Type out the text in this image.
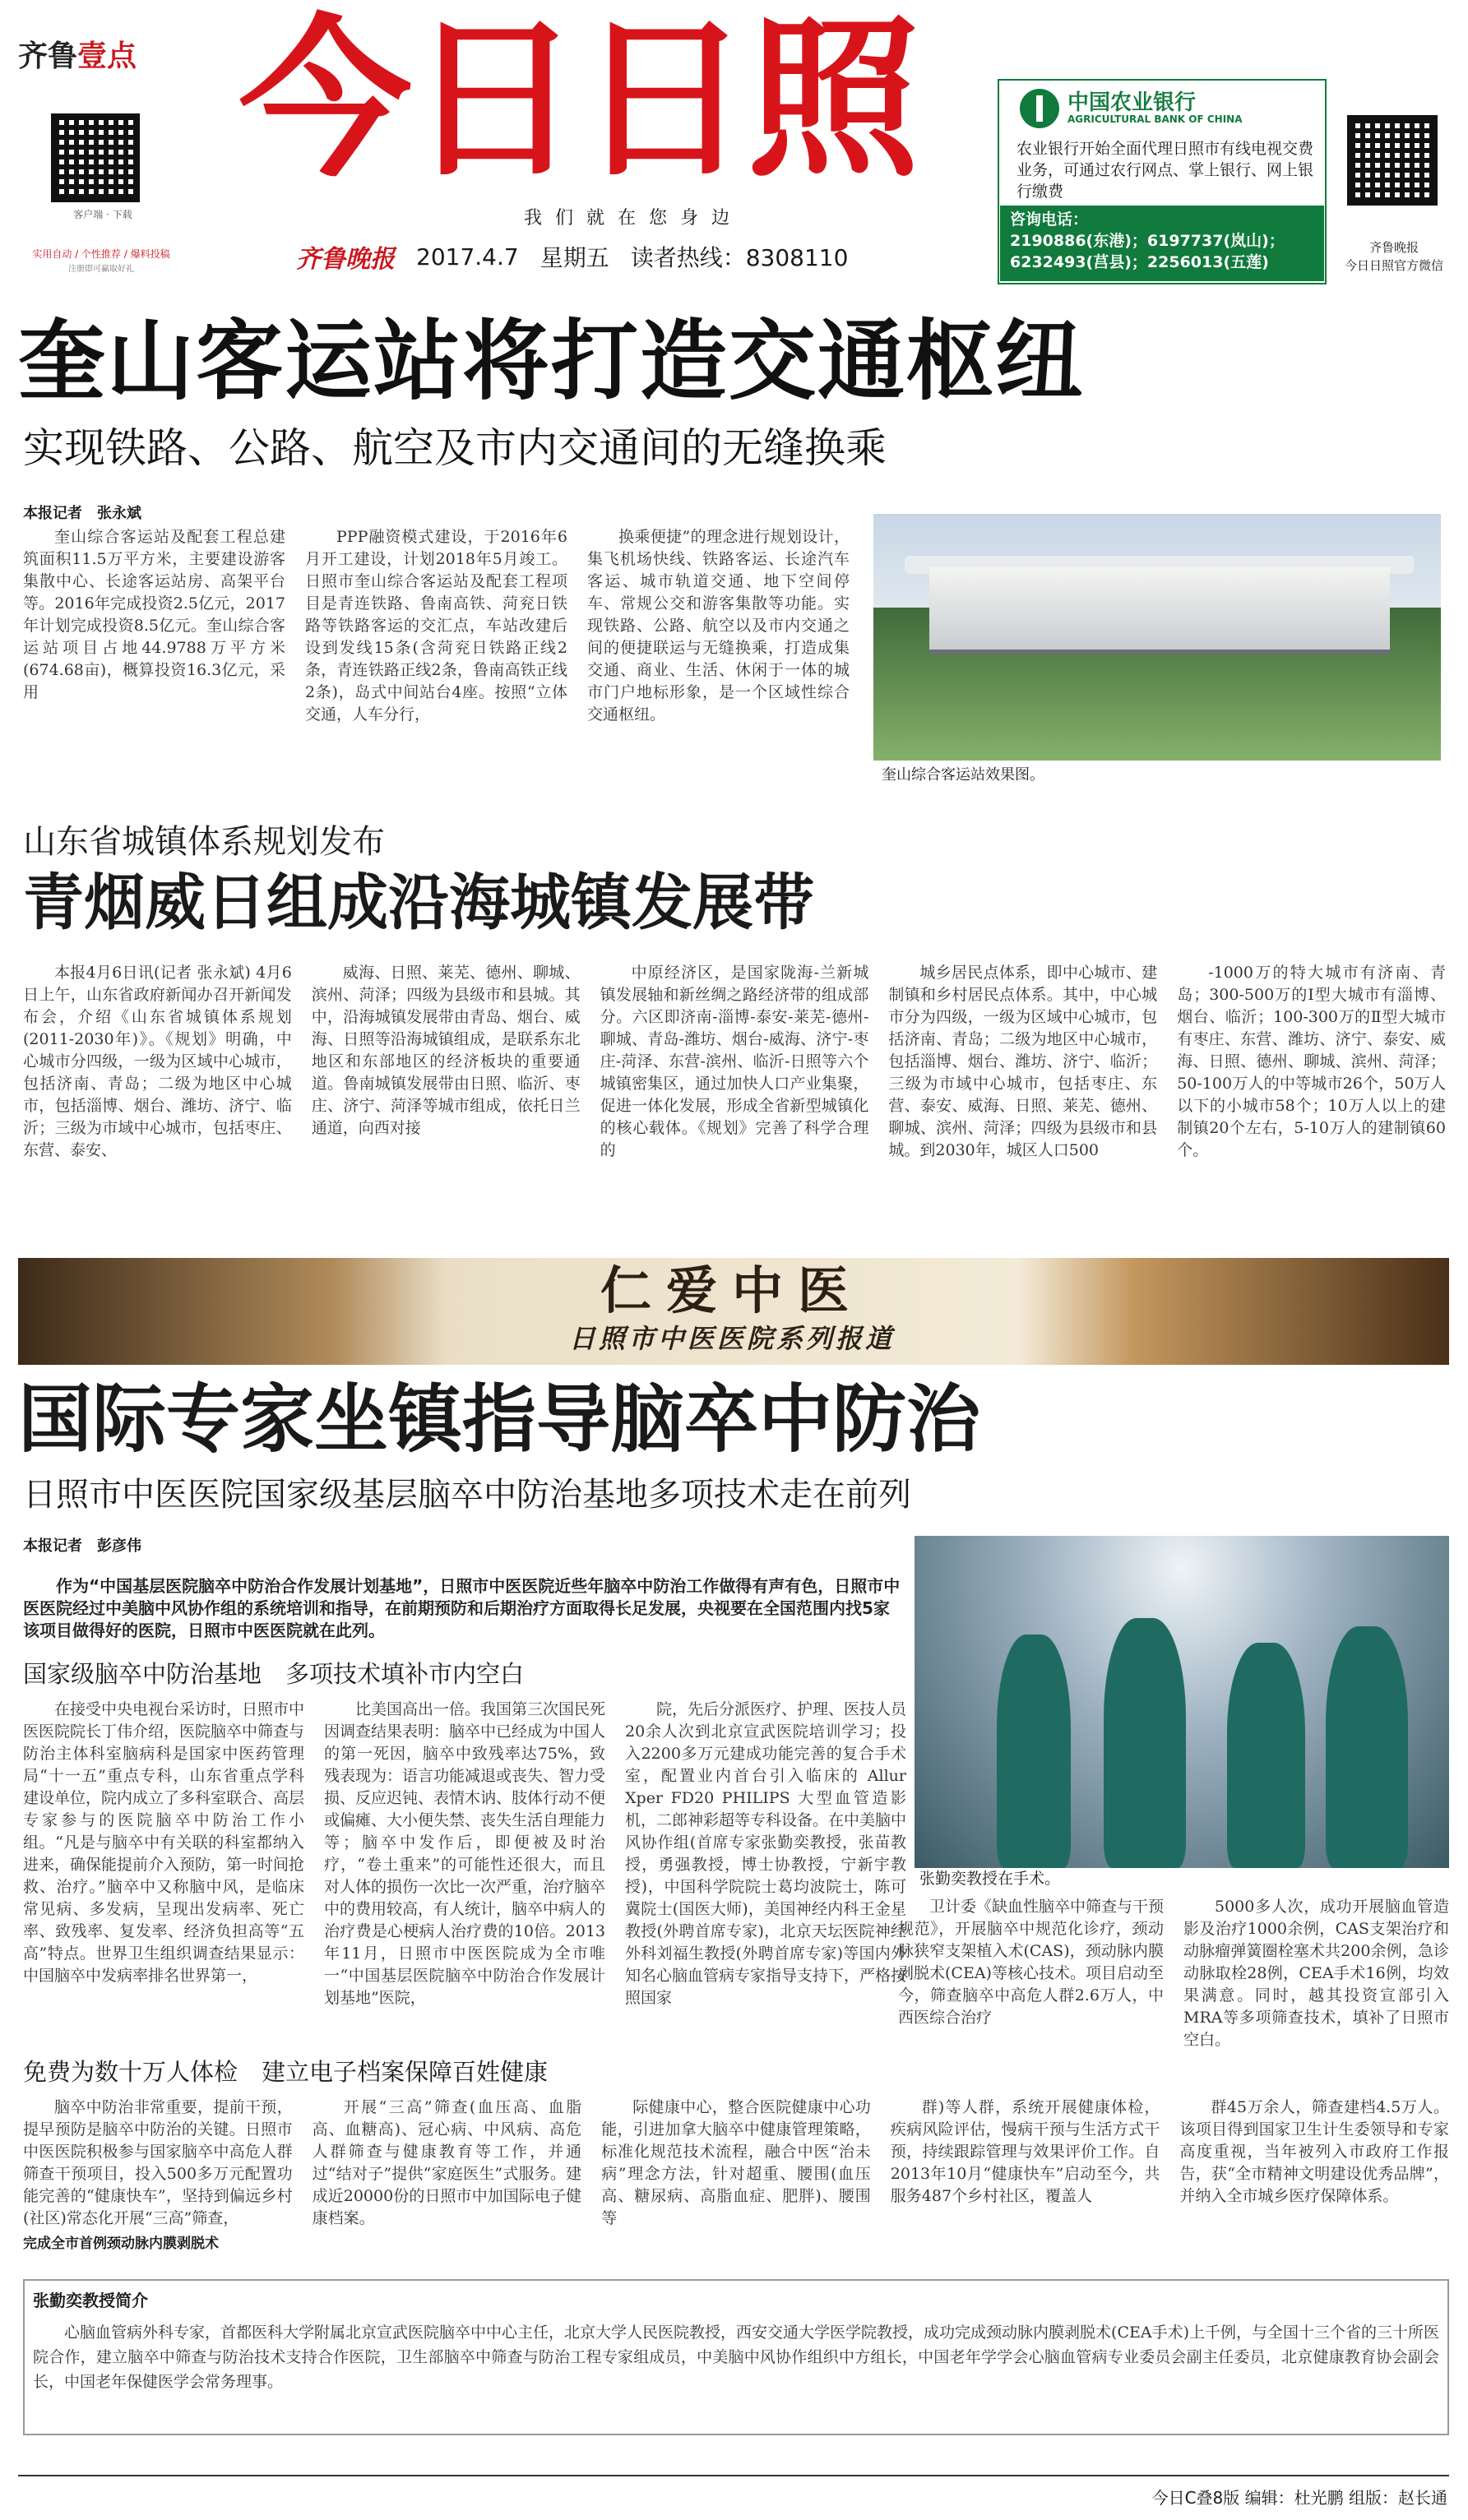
齐鲁壹点
客户端 · 下载
实用自动 / 个性推荐 / 爆料投稿
注册即可赢取好礼
今日日照
我们就在您身边
齐鲁晚报 2017.4.7 星期五 读者热线：8308110
中国农业银行
AGRICULTURAL BANK OF CHINA
农业银行开始全面代理日照市有线电视交费业务，可通过农行网点、掌上银行、网上银行缴费
咨询电话：
2190886(东港)；6197737(岚山)；
6232493(莒县)；2256013(五莲)
齐鲁晚报
今日日照官方微信
奎山客运站将打造交通枢纽
实现铁路、公路、航空及市内交通间的无缝换乘
本报记者　张永斌

奎山综合客运站及配套工程总建筑面积11.5万平方米，主要建设游客集散中心、长途客运站房、高架平台等。2016年完成投资2.5亿元，2017年计划完成投资8.5亿元。奎山综合客运站项目占地44.9788万平方米(674.68亩)，概算投资16.3亿元，采用

PPP融资模式建设，于2016年6月开工建设，计划2018年5月竣工。日照市奎山综合客运站及配套工程项目是青连铁路、鲁南高铁、菏兖日铁路等铁路客运的交汇点，车站改建后设到发线15条(含菏兖日铁路正线2条，青连铁路正线2条，鲁南高铁正线2条)，岛式中间站台4座。按照“立体交通，人车分行，

换乘便捷”的理念进行规划设计，集飞机场快线、铁路客运、长途汽车客运、城市轨道交通、地下空间停车、常规公交和游客集散等功能。实现铁路、公路、航空以及市内交通之间的便捷联运与无缝换乘，打造成集交通、商业、生活、休闲于一体的城市门户地标形象，是一个区域性综合交通枢纽。

奎山综合客运站效果图。
山东省城镇体系规划发布
青烟威日组成沿海城镇发展带

本报4月6日讯(记者 张永斌) 4月6日上午，山东省政府新闻办召开新闻发布会，介绍《山东省城镇体系规划(2011-2030年)》。《规划》明确，中心城市分四级，一级为区域中心城市，包括济南、青岛；二级为地区中心城市，包括淄博、烟台、潍坊、济宁、临沂；三级为市域中心城市，包括枣庄、东营、泰安、

威海、日照、莱芜、德州、聊城、滨州、菏泽；四级为县级市和县城。其中，沿海城镇发展带由青岛、烟台、威海、日照等沿海城镇组成，是联系东北地区和东部地区的经济板块的重要通道。鲁南城镇发展带由日照、临沂、枣庄、济宁、菏泽等城市组成，依托日兰通道，向西对接

中原经济区，是国家陇海-兰新城镇发展轴和新丝绸之路经济带的组成部分。六区即济南-淄博-泰安-莱芜-德州-聊城、青岛-潍坊、烟台-威海、济宁-枣庄-菏泽、东营-滨州、临沂-日照等六个城镇密集区，通过加快人口产业集聚，促进一体化发展，形成全省新型城镇化的核心载体。《规划》完善了科学合理的

城乡居民点体系，即中心城市、建制镇和乡村居民点体系。其中，中心城市分为四级，一级为区域中心城市，包括济南、青岛；二级为地区中心城市，包括淄博、烟台、潍坊、济宁、临沂；三级为市域中心城市，包括枣庄、东营、泰安、威海、日照、莱芜、德州、聊城、滨州、菏泽；四级为县级市和县城。到2030年，城区人口500

-1000万的特大城市有济南、青岛；300-500万的Ⅰ型大城市有淄博、烟台、临沂；100-300万的Ⅱ型大城市有枣庄、东营、潍坊、济宁、泰安、威海、日照、德州、聊城、滨州、菏泽；50-100万人的中等城市26个，50万人以下的小城市58个；10万人以上的建制镇20个左右，5-10万人的建制镇60个。

仁爱中医
日照市中医医院系列报道
国际专家坐镇指导脑卒中防治
日照市中医医院国家级基层脑卒中防治基地多项技术走在前列
本报记者　彭彦伟
作为“中国基层医院脑卒中防治合作发展计划基地”，日照市中医医院近些年脑卒中防治工作做得有声有色，日照市中医医院经过中美脑中风协作组的系统培训和指导，在前期预防和后期治疗方面取得长足发展，央视要在全国范围内找5家该项目做得好的医院，日照市中医医院就在此列。
张勤奕教授在手术。
国家级脑卒中防治基地　多项技术填补市内空白

在接受中央电视台采访时，日照市中医医院院长丁伟介绍，医院脑卒中筛查与防治主体科室脑病科是国家中医药管理局“十一五”重点专科，山东省重点学科建设单位，院内成立了多科室联合、高层专家参与的医院脑卒中防治工作小组。“凡是与脑卒中有关联的科室都纳入进来，确保能提前介入预防，第一时间抢救、治疗。”脑卒中又称脑中风，是临床常见病、多发病，呈现出发病率、死亡率、致残率、复发率、经济负担高等“五高”特点。世界卫生组织调查结果显示：中国脑卒中发病率排名世界第一，

比美国高出一倍。我国第三次国民死因调查结果表明：脑卒中已经成为中国人的第一死因，脑卒中致残率达75%，致残表现为：语言功能减退或丧失、智力受损、反应迟钝、表情木讷、肢体行动不便或偏瘫、大小便失禁、丧失生活自理能力等；脑卒中发作后，即便被及时治疗，“卷土重来”的可能性还很大，而且对人体的损伤一次比一次严重，治疗脑卒中的费用较高，有人统计，脑卒中病人的治疗费是心梗病人治疗费的10倍。2013年11月，日照市中医医院成为全市唯一“中国基层医院脑卒中防治合作发展计划基地”医院，

院，先后分派医疗、护理、医技人员20余人次到北京宣武医院培训学习；投入2200多万元建成功能完善的复合手术室，配置业内首台引入临床的 Allur Xper FD20 PHILIPS 大型血管造影机，二郎神彩超等专科设备。在中美脑中风协作组(首席专家张勤奕教授，张苗教授，勇强教授，博士协教授，宁新宇教授)，中国科学院院士葛均波院士，陈可冀院士(国医大师)，美国神经内科王金星教授(外聘首席专家)，北京天坛医院神经外科刘福生教授(外聘首席专家)等国内外知名心脑血管病专家指导支持下，严格按照国家

卫计委《缺血性脑卒中筛查与干预规范》，开展脑卒中规范化诊疗，颈动脉狭窄支架植入术(CAS)，颈动脉内膜剥脱术(CEA)等核心技术。项目启动至今，筛查脑卒中高危人群2.6万人，中西医综合治疗

5000多人次，成功开展脑血管造影及治疗1000余例，CAS支架治疗和动脉瘤弹簧圈栓塞术共200余例，急诊动脉取栓28例，CEA手术16例，均效果满意。同时，越其投资宣部引入MRA等多项筛查技术，填补了日照市空白。

免费为数十万人体检　建立电子档案保障百姓健康

脑卒中防治非常重要，提前干预，提早预防是脑卒中防治的关键。日照市中医医院积极参与国家脑卒中高危人群筛查干预项目，投入500多万元配置功能完善的“健康快车”，坚持到偏远乡村(社区)常态化开展“三高”筛查，

开展“三高”筛查(血压高、血脂高、血糖高)、冠心病、中风病、高危人群筛查与健康教育等工作，并通过“结对子”提供“家庭医生”式服务。建成近20000份的日照市中加国际电子健康档案。

际健康中心，整合医院健康中心功能，引进加拿大脑卒中健康管理策略，标准化规范技术流程，融合中医“治未病”理念方法，针对超重、腰围(血压高、糖尿病、高脂血症、肥胖)、腰围等

群)等人群，系统开展健康体检，疾病风险评估，慢病干预与生活方式干预，持续跟踪管理与效果评价工作。自2013年10月“健康快车”启动至今，共服务487个乡村社区，覆盖人

群45万余人，筛查建档4.5万人。该项目得到国家卫生计生委领导和专家高度重视，当年被列入市政府工作报告，获“全市精神文明建设优秀品牌”，并纳入全市城乡医疗保障体系。

完成全市首例颈动脉内膜剥脱术
张勤奕教授简介
心脑血管病外科专家，首都医科大学附属北京宣武医院脑卒中中心主任，北京大学人民医院教授，西安交通大学医学院教授，成功完成颈动脉内膜剥脱术(CEA手术)上千例，与全国十三个省的三十所医院合作，建立脑卒中筛查与防治技术支持合作医院，卫生部脑卒中筛查与防治工程专家组成员，中美脑中风协作组织中方组长，中国老年学学会心脑血管病专业委员会副主任委员，北京健康教育协会副会长，中国老年保健医学会常务理事。
今日C叠8版 编辑：杜光鹏 组版：赵长通
